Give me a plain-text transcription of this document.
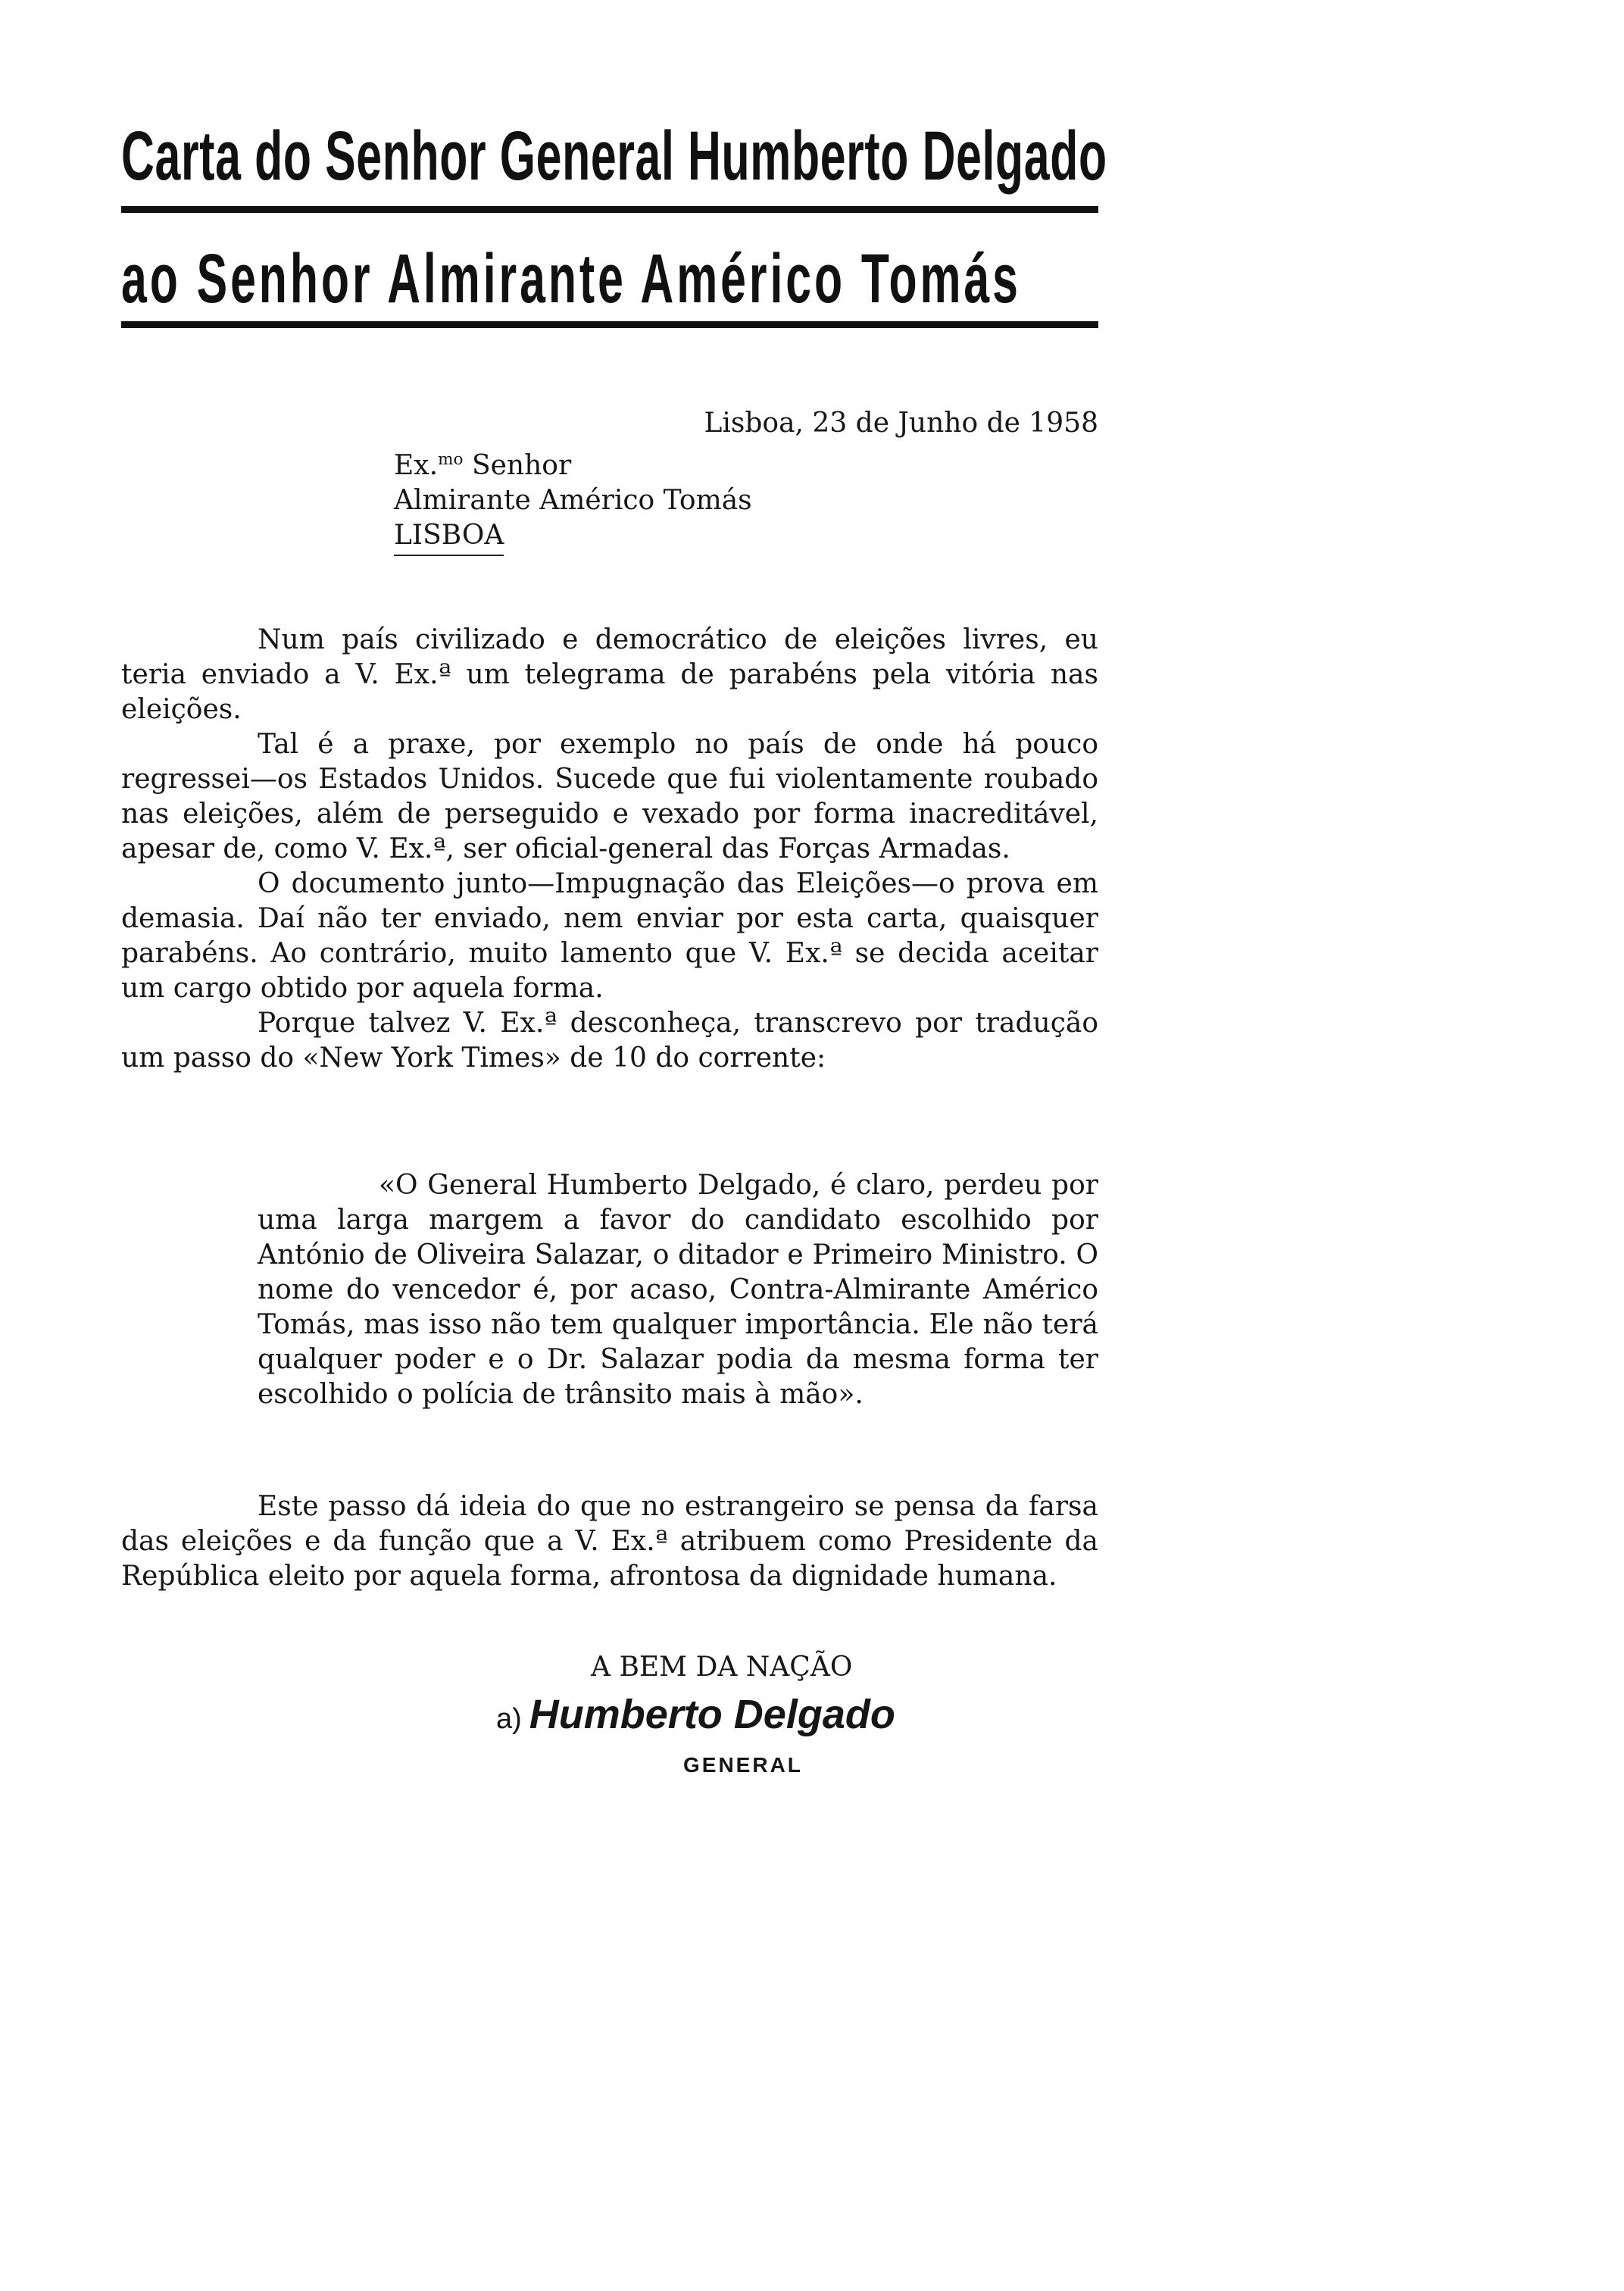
Carta do Senhor General Humberto Delgado
ao Senhor Almirante Américo Tomás
Lisboa, 23 de Junho de 1958
Ex.$^{mo}$ Senhor
Almirante Américo Tomás
LISBOA

Num país civilizado e democrático de eleições livres, eu teria enviado a V. Ex.ª um telegrama de parabéns pela vitória nas eleições.

Tal é a praxe, por exemplo no país de onde há pouco regressei—os Estados Unidos. Sucede que fui violentamente roubado nas eleições, além de perseguido e vexado por forma inacreditável, apesar de, como V. Ex.ª, ser oficial-general das Forças Armadas.

O documento junto—Impugnação das Eleições—o prova em demasia. Daí não ter enviado, nem enviar por esta carta, quaisquer parabéns. Ao contrário, muito lamento que V. Ex.ª se decida aceitar um cargo obtido por aquela forma.

Porque talvez V. Ex.ª desconheça, transcrevo por tradução um passo do «New York Times» de 10 do corrente:

«O General Humberto Delgado, é claro, perdeu por uma larga margem a favor do candidato escolhido por António de Oliveira Salazar, o ditador e Primeiro Ministro. O nome do vencedor é, por acaso, Contra-Almirante Américo Tomás, mas isso não tem qualquer importância. Ele não terá qualquer poder e o Dr. Salazar podia da mesma forma ter escolhido o polícia de trânsito mais à mão».

Este passo dá ideia do que no estrangeiro se pensa da farsa das eleições e da função que a V. Ex.ª atribuem como Presidente da República eleito por aquela forma, afrontosa da dignidade humana.

A BEM DA NAÇÃO
a) Humberto Delgado
GENERAL
